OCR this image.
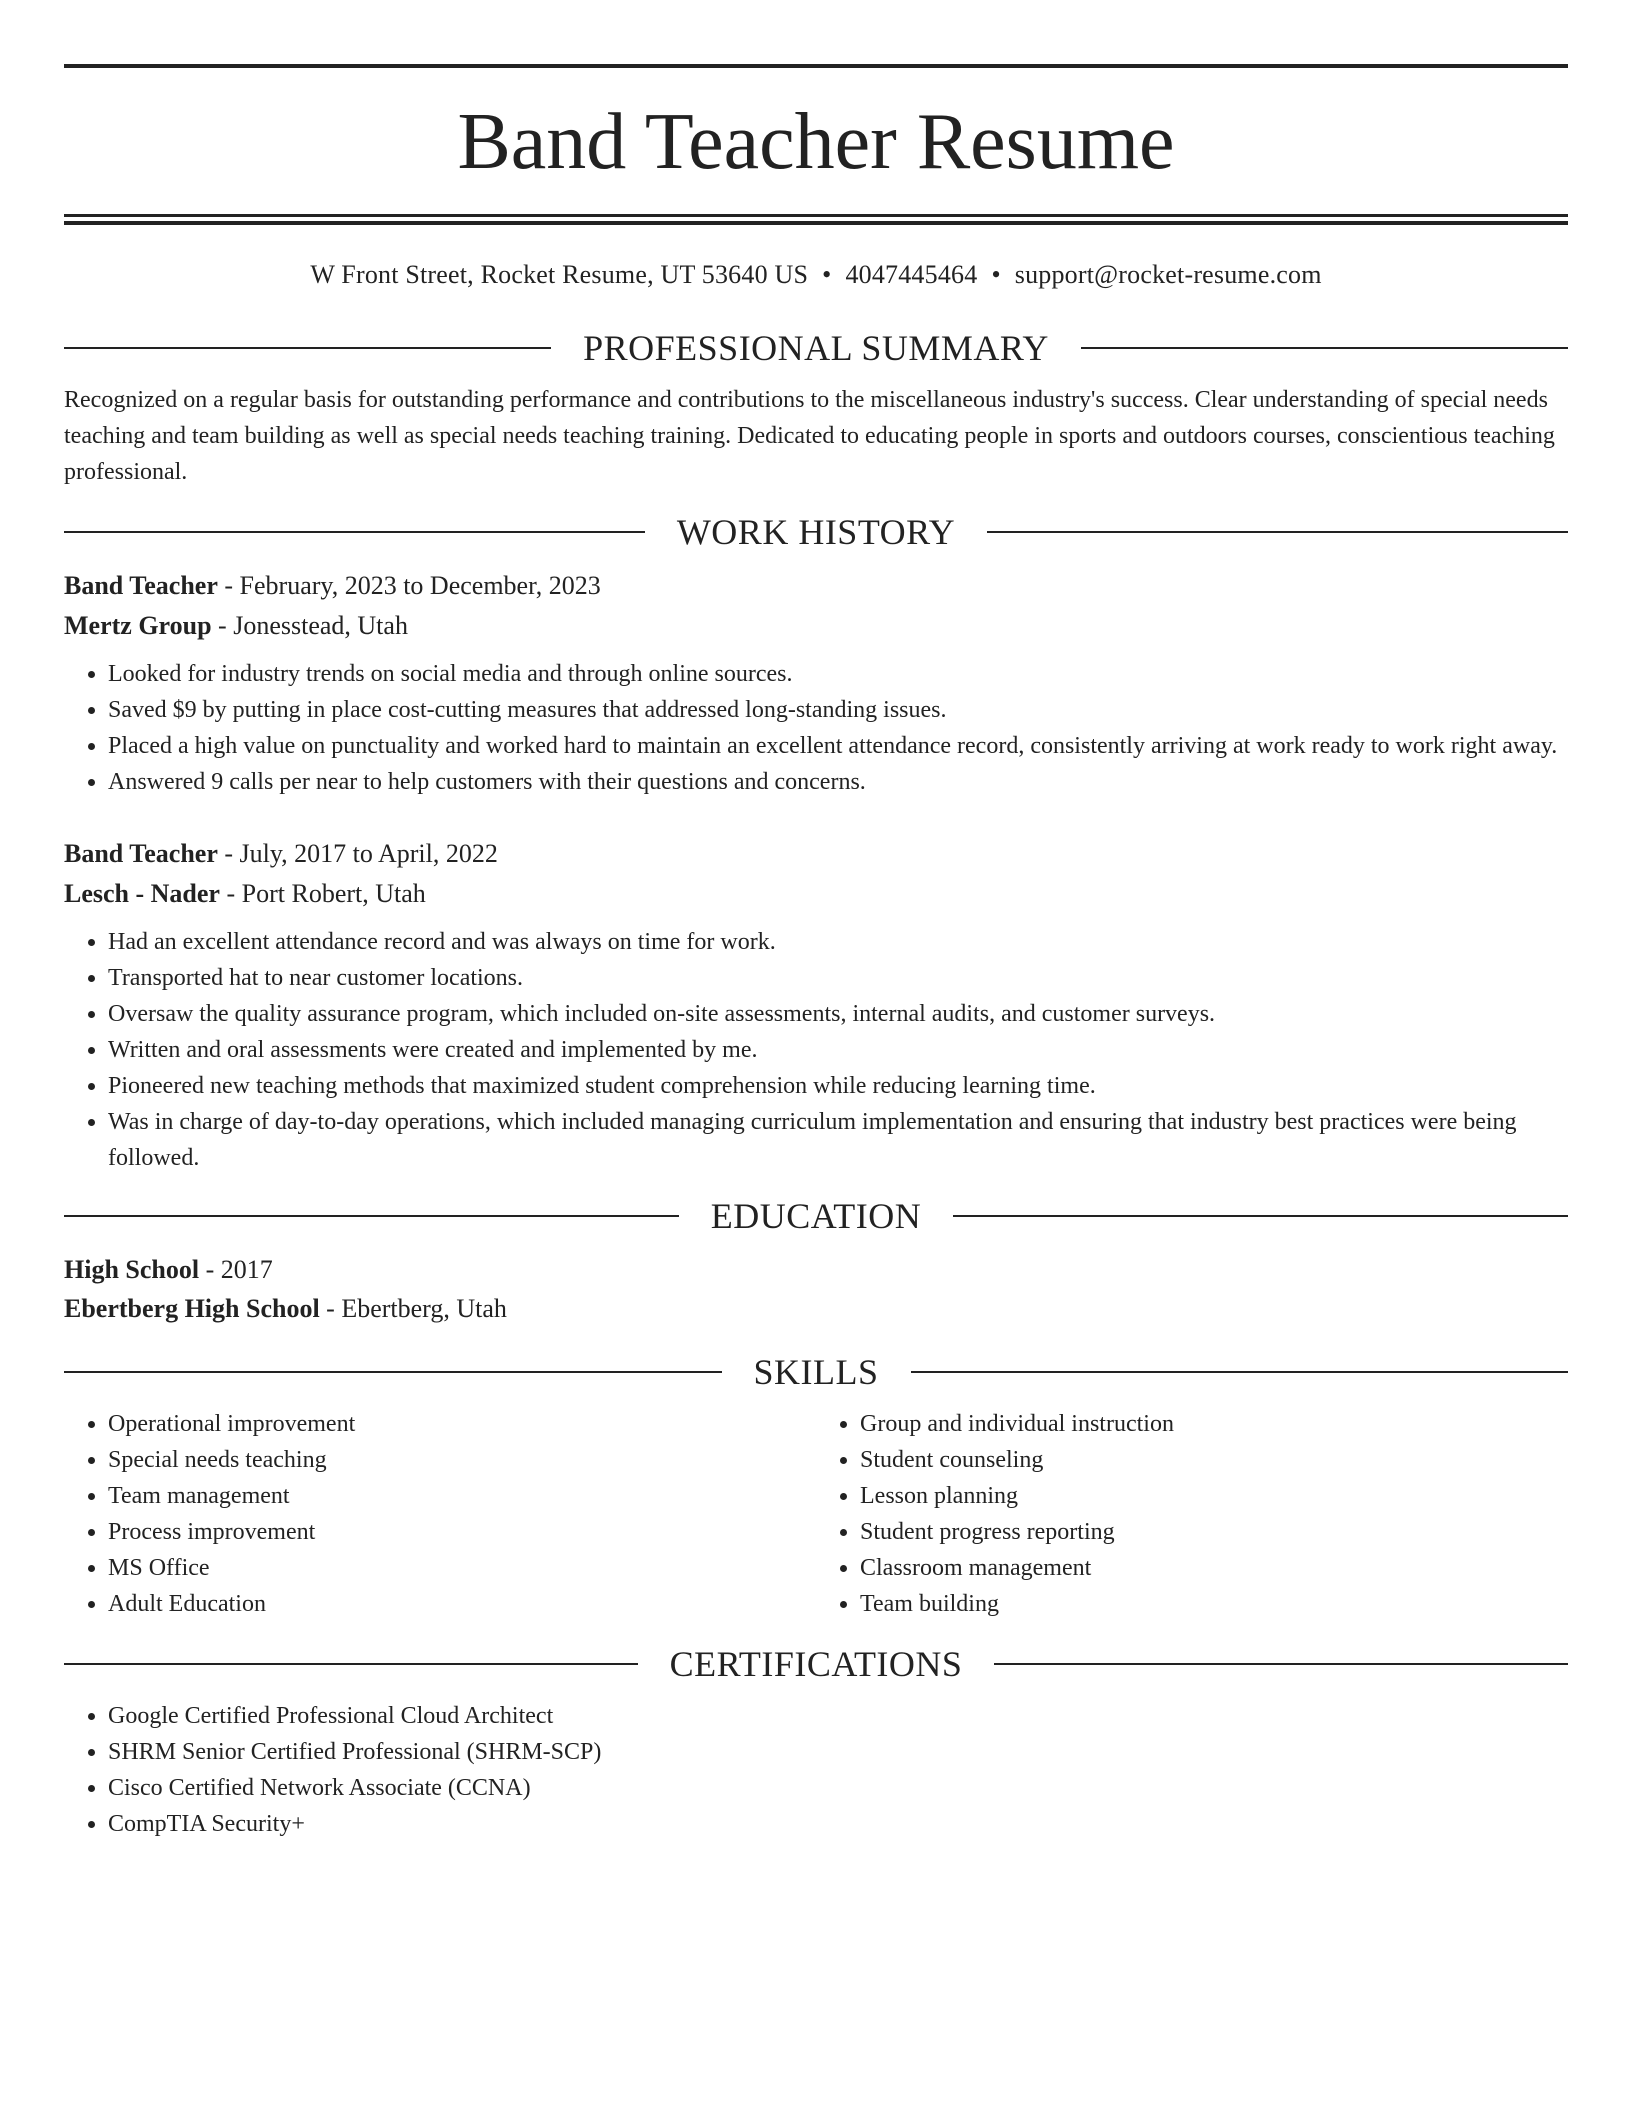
Band Teacher Resume
W Front Street, Rocket Resume, UT 53640 US • 4047445464 • support@rocket-resume.com
PROFESSIONAL SUMMARY

Recognized on a regular basis for outstanding performance and contributions to the miscellaneous industry's success. Clear understanding of special needs teaching and team building as well as special needs teaching training. Dedicated to educating people in sports and outdoors courses, conscientious teaching professional.

WORK HISTORY
Band Teacher - February, 2023 to December, 2023
Mertz Group - Jonesstead, Utah
• Looked for industry trends on social media and through online sources.
• Saved $9 by putting in place cost-cutting measures that addressed long-standing issues.
• Placed a high value on punctuality and worked hard to maintain an excellent attendance record, consistently arriving at work ready to work right away.
• Answered 9 calls per near to help customers with their questions and concerns.
Band Teacher - July, 2017 to April, 2022
Lesch - Nader - Port Robert, Utah
• Had an excellent attendance record and was always on time for work.
• Transported hat to near customer locations.
• Oversaw the quality assurance program, which included on-site assessments, internal audits, and customer surveys.
• Written and oral assessments were created and implemented by me.
• Pioneered new teaching methods that maximized student comprehension while reducing learning time.
• Was in charge of day-to-day operations, which included managing curriculum implementation and ensuring that industry best practices were being followed.
EDUCATION
High School - 2017
Ebertberg High School - Ebertberg, Utah
SKILLS
• Operational improvement
• Special needs teaching
• Team management
• Process improvement
• MS Office
• Adult Education
• Group and individual instruction
• Student counseling
• Lesson planning
• Student progress reporting
• Classroom management
• Team building
CERTIFICATIONS
• Google Certified Professional Cloud Architect
• SHRM Senior Certified Professional (SHRM-SCP)
• Cisco Certified Network Associate (CCNA)
• CompTIA Security+
